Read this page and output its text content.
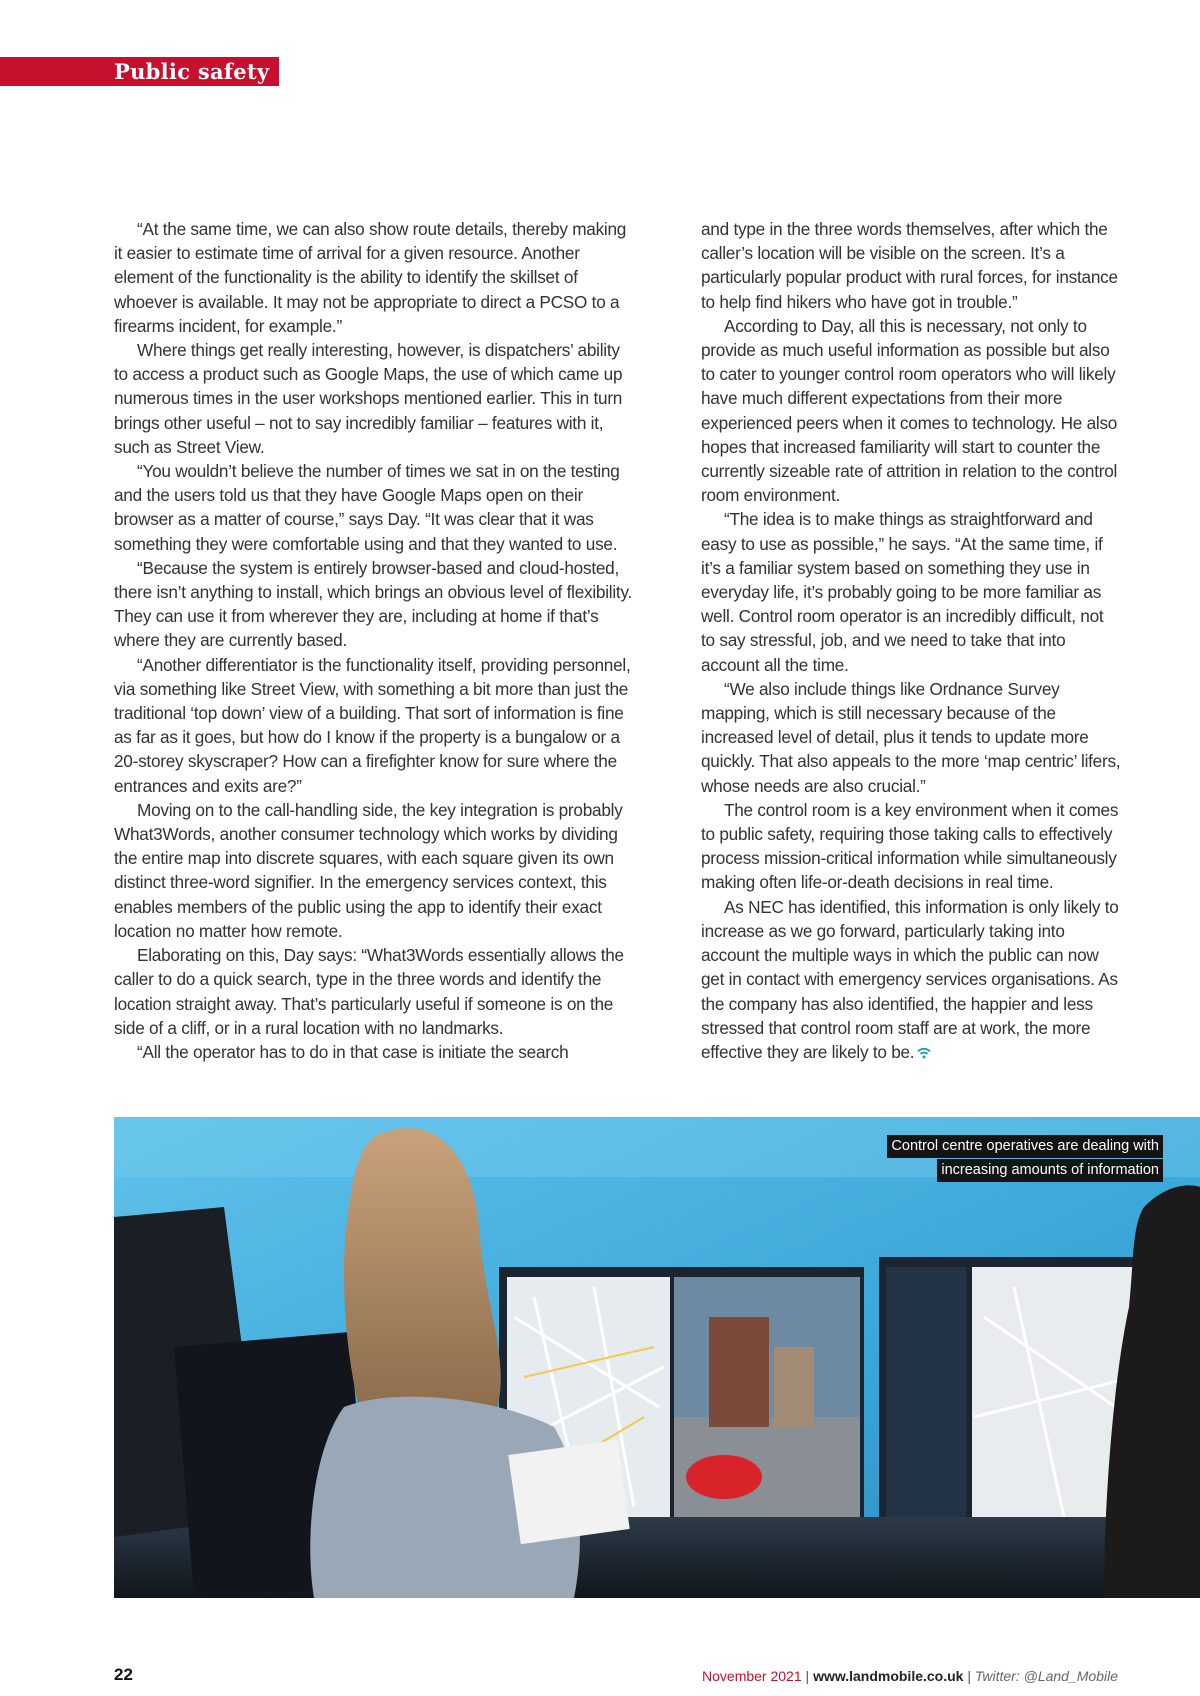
Public safety

“At the same time, we can also show route details, thereby making it easier to estimate time of arrival for a given resource. Another element of the functionality is the ability to identify the skillset of whoever is available. It may not be appropriate to direct a PCSO to a firearms incident, for example.”

Where things get really interesting, however, is dispatchers’ ability to access a product such as Google Maps, the use of which came up numerous times in the user workshops mentioned earlier. This in turn brings other useful – not to say incredibly familiar – features with it, such as Street View.

“You wouldn’t believe the number of times we sat in on the testing and the users told us that they have Google Maps open on their browser as a matter of course,” says Day. “It was clear that it was something they were comfortable using and that they wanted to use.

“Because the system is entirely browser-based and cloud-hosted, there isn’t anything to install, which brings an obvious level of flexibility. They can use it from wherever they are, including at home if that’s where they are currently based.

“Another differentiator is the functionality itself, providing personnel, via something like Street View, with something a bit more than just the traditional ‘top down’ view of a building. That sort of information is fine as far as it goes, but how do I know if the property is a bungalow or a 20-storey skyscraper? How can a firefighter know for sure where the entrances and exits are?”

Moving on to the call-handling side, the key integration is probably What3Words, another consumer technology which works by dividing the entire map into discrete squares, with each square given its own distinct three-word signifier. In the emergency services context, this enables members of the public using the app to identify their exact location no matter how remote.

Elaborating on this, Day says: “What3Words essentially allows the caller to do a quick search, type in the three words and identify the location straight away. That’s particularly useful if someone is on the side of a cliff, or in a rural location with no landmarks.

“All the operator has to do in that case is initiate the search

and type in the three words themselves, after which the caller’s location will be visible on the screen. It’s a particularly popular product with rural forces, for instance to help find hikers who have got in trouble.”

According to Day, all this is necessary, not only to provide as much useful information as possible but also to cater to younger control room operators who will likely have much different expectations from their more experienced peers when it comes to technology. He also hopes that increased familiarity will start to counter the currently sizeable rate of attrition in relation to the control room environment.

“The idea is to make things as straightforward and easy to use as possible,” he says. “At the same time, if it’s a familiar system based on something they use in everyday life, it’s probably going to be more familiar as well. Control room operator is an incredibly difficult, not to say stressful, job, and we need to take that into account all the time.

“We also include things like Ordnance Survey mapping, which is still necessary because of the increased level of detail, plus it tends to update more quickly. That also appeals to the more ‘map centric’ lifers, whose needs are also crucial.”

The control room is a key environment when it comes to public safety, requiring those taking calls to effectively process mission-critical information while simultaneously making often life-or-death decisions in real time.

As NEC has identified, this information is only likely to increase as we go forward, particularly taking into account the multiple ways in which the public can now get in contact with emergency services organisations. As the company has also identified, the happier and less stressed that control room staff are at work, the more effective they are likely to be.

Control centre operatives are dealing with
increasing amounts of information
22	November 2021 | www.landmobile.co.uk | Twitter: @Land_Mobile
